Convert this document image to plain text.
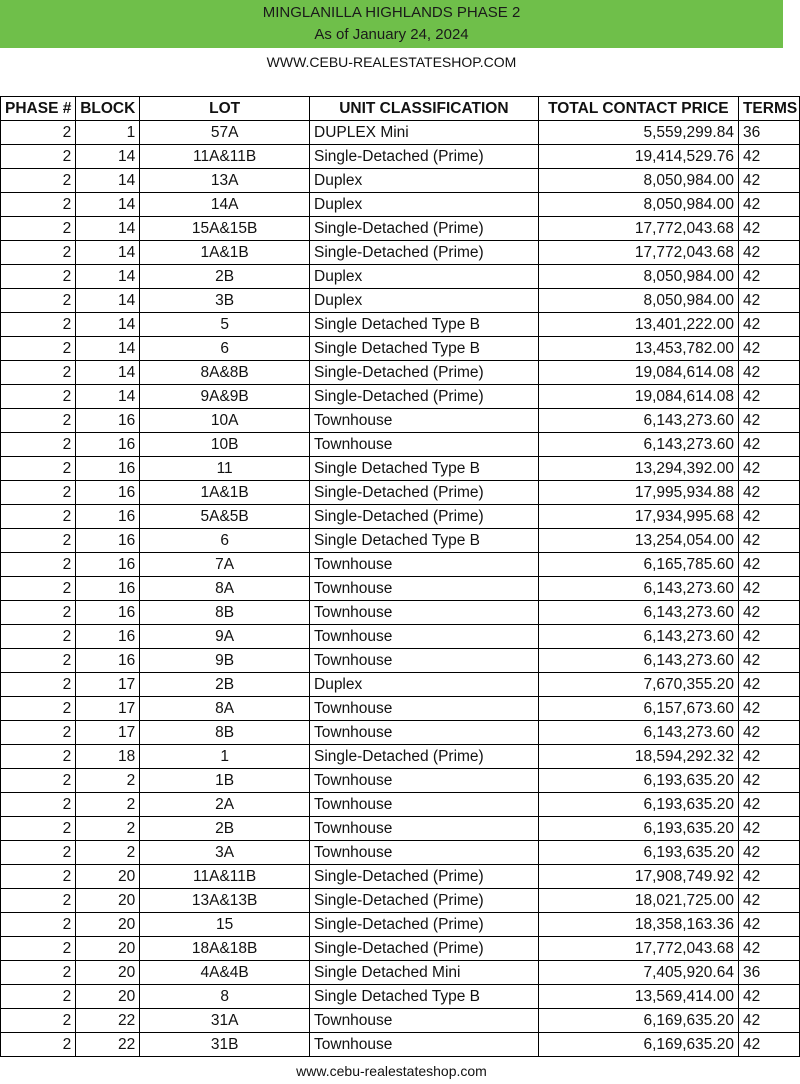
MINGLANILLA HIGHLANDS PHASE 2
As of January 24, 2024
WWW.CEBU-REALESTATESHOP.COM
PHASE #	BLOCK	LOT	UNIT CLASSIFICATION	TOTAL CONTACT PRICE	TERMS
2	1	57A	DUPLEX Mini	5,559,299.84	36
2	14	11A&11B	Single-Detached (Prime)	19,414,529.76	42
2	14	13A	Duplex	8,050,984.00	42
2	14	14A	Duplex	8,050,984.00	42
2	14	15A&15B	Single-Detached (Prime)	17,772,043.68	42
2	14	1A&1B	Single-Detached (Prime)	17,772,043.68	42
2	14	2B	Duplex	8,050,984.00	42
2	14	3B	Duplex	8,050,984.00	42
2	14	5	Single Detached Type B	13,401,222.00	42
2	14	6	Single Detached Type B	13,453,782.00	42
2	14	8A&8B	Single-Detached (Prime)	19,084,614.08	42
2	14	9A&9B	Single-Detached (Prime)	19,084,614.08	42
2	16	10A	Townhouse	6,143,273.60	42
2	16	10B	Townhouse	6,143,273.60	42
2	16	11	Single Detached Type B	13,294,392.00	42
2	16	1A&1B	Single-Detached (Prime)	17,995,934.88	42
2	16	5A&5B	Single-Detached (Prime)	17,934,995.68	42
2	16	6	Single Detached Type B	13,254,054.00	42
2	16	7A	Townhouse	6,165,785.60	42
2	16	8A	Townhouse	6,143,273.60	42
2	16	8B	Townhouse	6,143,273.60	42
2	16	9A	Townhouse	6,143,273.60	42
2	16	9B	Townhouse	6,143,273.60	42
2	17	2B	Duplex	7,670,355.20	42
2	17	8A	Townhouse	6,157,673.60	42
2	17	8B	Townhouse	6,143,273.60	42
2	18	1	Single-Detached (Prime)	18,594,292.32	42
2	2	1B	Townhouse	6,193,635.20	42
2	2	2A	Townhouse	6,193,635.20	42
2	2	2B	Townhouse	6,193,635.20	42
2	2	3A	Townhouse	6,193,635.20	42
2	20	11A&11B	Single-Detached (Prime)	17,908,749.92	42
2	20	13A&13B	Single-Detached (Prime)	18,021,725.00	42
2	20	15	Single-Detached (Prime)	18,358,163.36	42
2	20	18A&18B	Single-Detached (Prime)	17,772,043.68	42
2	20	4A&4B	Single Detached Mini	7,405,920.64	36
2	20	8	Single Detached Type B	13,569,414.00	42
2	22	31A	Townhouse	6,169,635.20	42
2	22	31B	Townhouse	6,169,635.20	42
www.cebu-realestateshop.com
